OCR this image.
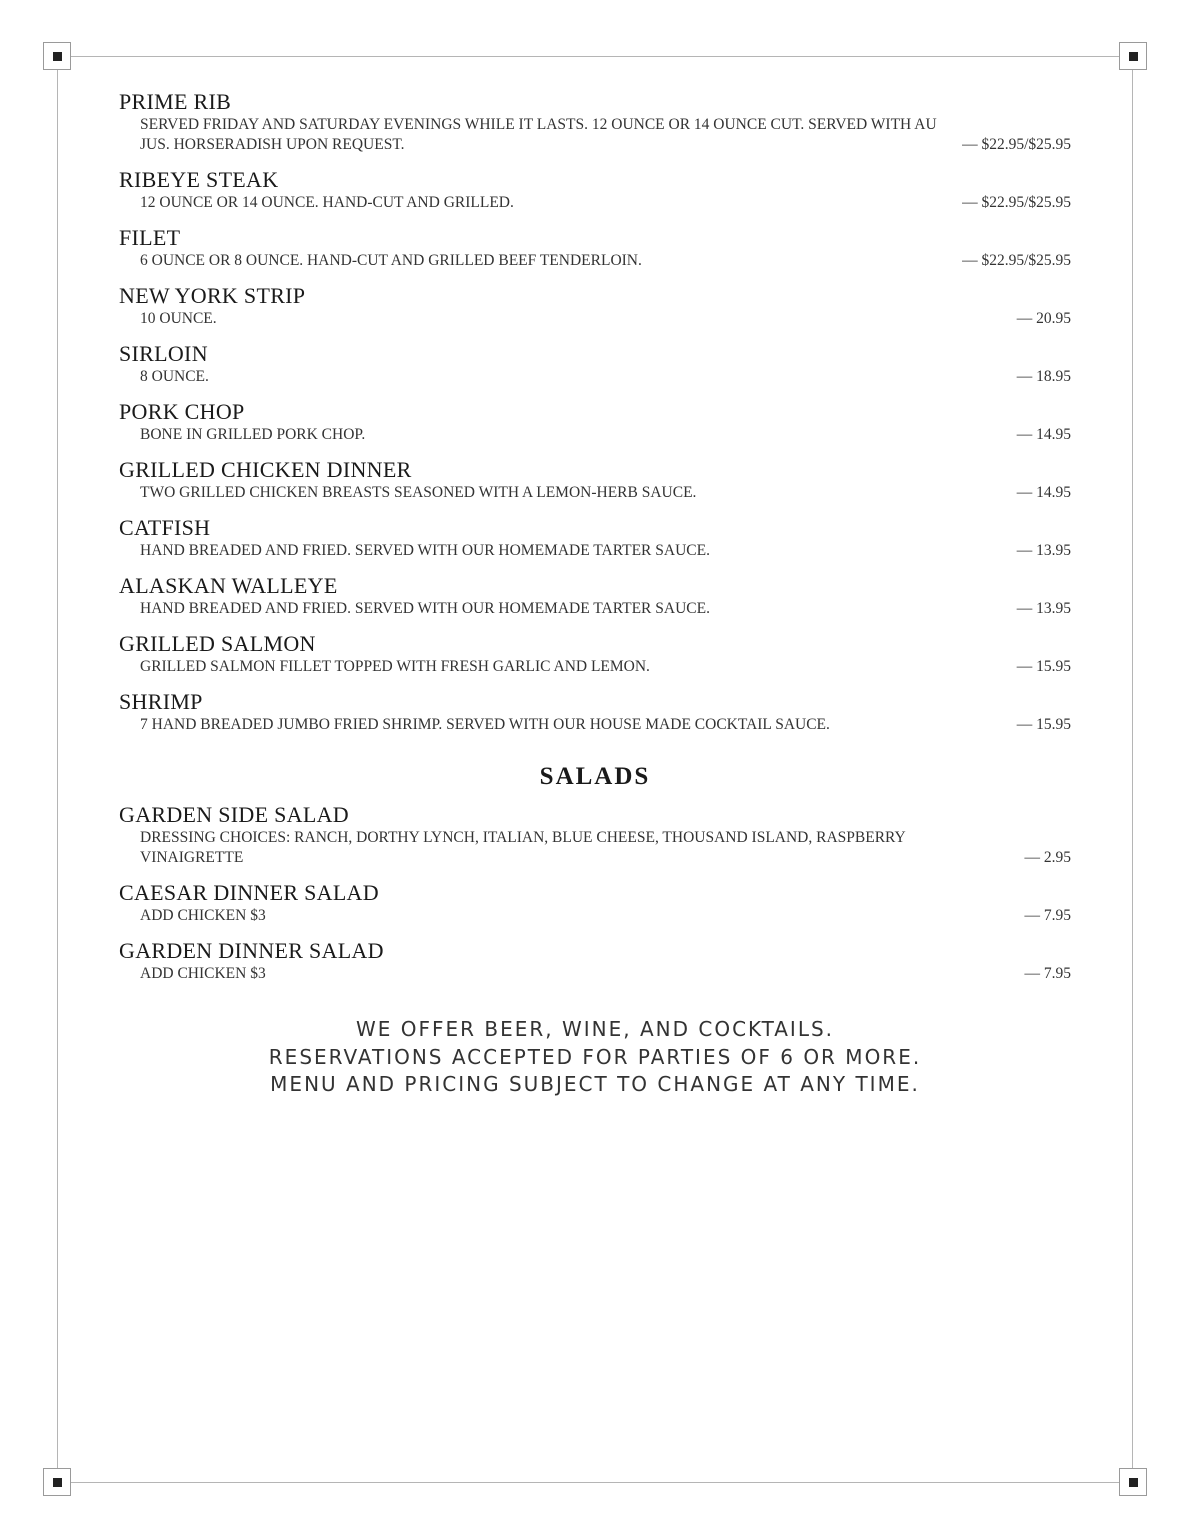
PRIME RIB
SERVED FRIDAY AND SATURDAY EVENINGS WHILE IT LASTS. 12 OUNCE OR 14 OUNCE CUT. SERVED WITH AU JUS. HORSERADISH UPON REQUEST.	— $22.95/$25.95
RIBEYE STEAK
12 OUNCE OR 14 OUNCE. HAND-CUT AND GRILLED.	— $22.95/$25.95
FILET
6 OUNCE OR 8 OUNCE. HAND-CUT AND GRILLED BEEF TENDERLOIN.	— $22.95/$25.95
NEW YORK STRIP
10 OUNCE.	— 20.95
SIRLOIN
8 OUNCE.	— 18.95
PORK CHOP
BONE IN GRILLED PORK CHOP.	— 14.95
GRILLED CHICKEN DINNER
TWO GRILLED CHICKEN BREASTS SEASONED WITH A LEMON-HERB SAUCE.	— 14.95
CATFISH
HAND BREADED AND FRIED. SERVED WITH OUR HOMEMADE TARTER SAUCE.	— 13.95
ALASKAN WALLEYE
HAND BREADED AND FRIED. SERVED WITH OUR HOMEMADE TARTER SAUCE.	— 13.95
GRILLED SALMON
GRILLED SALMON FILLET TOPPED WITH FRESH GARLIC AND LEMON.	— 15.95
SHRIMP
7 HAND BREADED JUMBO FRIED SHRIMP. SERVED WITH OUR HOUSE MADE COCKTAIL SAUCE.	— 15.95
SALADS
GARDEN SIDE SALAD
DRESSING CHOICES: RANCH, DORTHY LYNCH, ITALIAN, BLUE CHEESE, THOUSAND ISLAND, RASPBERRY VINAIGRETTE	— 2.95
CAESAR DINNER SALAD
ADD CHICKEN $3	— 7.95
GARDEN DINNER SALAD
ADD CHICKEN $3	— 7.95
WE OFFER BEER, WINE, AND COCKTAILS.
RESERVATIONS ACCEPTED FOR PARTIES OF 6 OR MORE.
MENU AND PRICING SUBJECT TO CHANGE AT ANY TIME.
